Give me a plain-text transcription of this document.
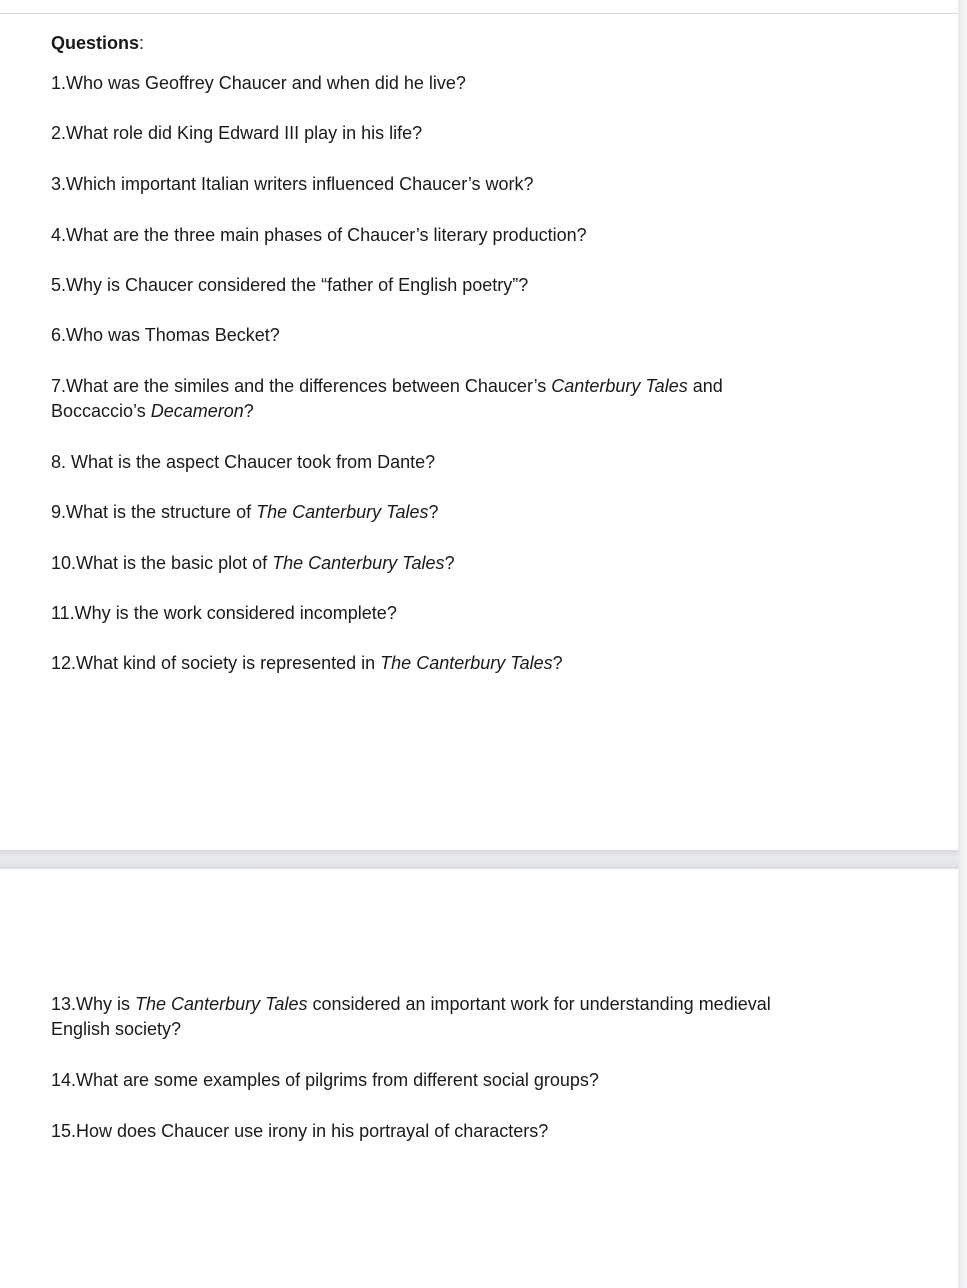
Questions:
1.Who was Geoffrey Chaucer and when did he live?
2.What role did King Edward III play in his life?
3.Which important Italian writers influenced Chaucer’s work?
4.What are the three main phases of Chaucer’s literary production?
5.Why is Chaucer considered the “father of English poetry”?
6.Who was Thomas Becket?
7.What are the similes and the differences between Chaucer’s Canterbury Tales and
Boccaccio’s Decameron?
8. What is the aspect Chaucer took from Dante?
9.What is the structure of The Canterbury Tales?
10.What is the basic plot of The Canterbury Tales?
11.Why is the work considered incomplete?
12.What kind of society is represented in The Canterbury Tales?
13.Why is The Canterbury Tales considered an important work for understanding medieval
English society?
14.What are some examples of pilgrims from different social groups?
15.How does Chaucer use irony in his portrayal of characters?
